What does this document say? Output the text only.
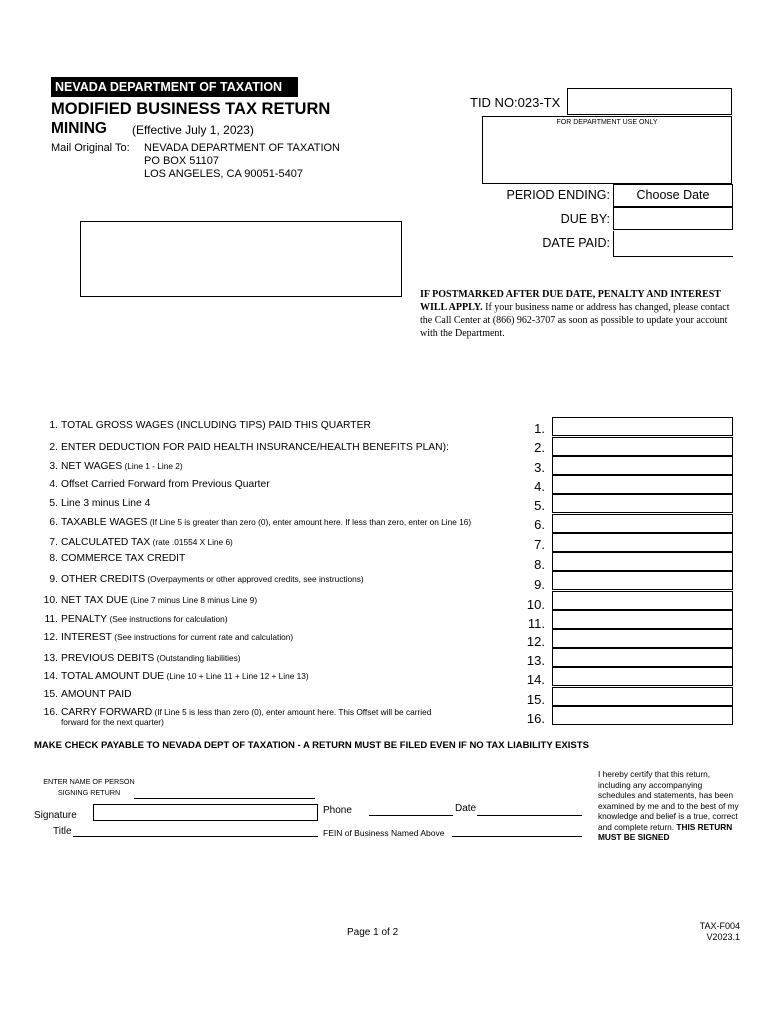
NEVADA DEPARTMENT OF TAXATION
MODIFIED BUSINESS TAX RETURN
MINING (Effective July 1, 2023)
Mail Original To: NEVADA DEPARTMENT OF TAXATION
PO BOX 51107
LOS ANGELES, CA 90051-5407
TID NO:023-TX
FOR DEPARTMENT USE ONLY
PERIOD ENDING:	Choose Date
DUE BY:
DATE PAID:
IF POSTMARKED AFTER DUE DATE, PENALTY AND INTEREST WILL APPLY. If your business name or address has changed, please contact the Call Center at (866) 962-3707 as soon as possible to update your account with the Department.
1. TOTAL GROSS WAGES (INCLUDING TIPS) PAID THIS QUARTER	1.
2. ENTER DEDUCTION FOR PAID HEALTH INSURANCE/HEALTH BENEFITS PLAN):	2.
3. NET WAGES (Line 1 - Line 2)	3.
4. Offset Carried Forward from Previous Quarter	4.
5. Line 3 minus Line 4	5.
6. TAXABLE WAGES (If Line 5 is greater than zero (0), enter amount here. If less than zero, enter on Line 16)	6.
7. CALCULATED TAX (rate .01554 X Line 6)	7.
8. COMMERCE TAX CREDIT	8.
9. OTHER CREDITS (Overpayments or other approved credits, see instructions)	9.
10. NET TAX DUE (Line 7 minus Line 8 minus Line 9)	10.
11. PENALTY (See instructions for calculation)	11.
12. INTEREST (See instructions for current rate and calculation)	12.
13. PREVIOUS DEBITS (Outstanding liabilities)	13.
14. TOTAL AMOUNT DUE (Line 10 + Line 11 + Line 12 + Line 13)	14.
15. AMOUNT PAID	15.
16. CARRY FORWARD (If Line 5 is less than zero (0), enter amount here. This Offset will be carried
forward for the next quarter)	16.
MAKE CHECK PAYABLE TO NEVADA DEPT OF TAXATION - A RETURN MUST BE FILED EVEN IF NO TAX LIABILITY EXISTS
ENTER NAME OF PERSON
SIGNING RETURN
Signature
Title
Phone	Date
FEIN of Business Named Above
I hereby certify that this return, including any accompanying schedules and statements, has been examined by me and to the best of my knowledge and belief is a true, correct and complete return. THIS RETURN MUST BE SIGNED
Page 1 of 2
TAX-F004
V2023.1
